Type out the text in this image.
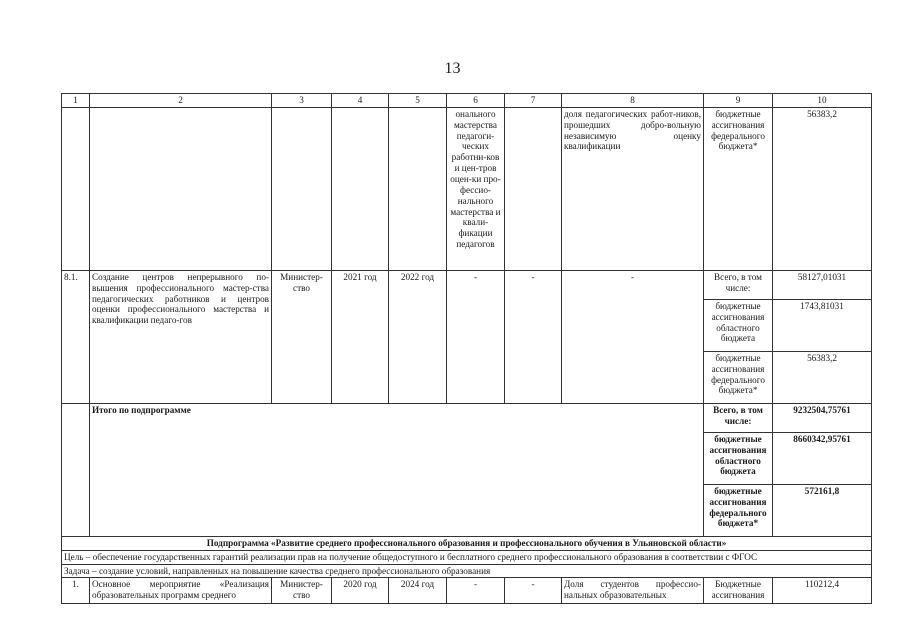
13
1	2	3	4	5	6	7	8	9	10
					онального мастерства педагоги-ческих работни-ков и цен-тров оцен-ки про-фессио-нального мастерства и квали-фикации педагогов		доля педагогических работ-ников, прошедших добро-вольную независимую оценку квалификации	бюджетные ассигнования федерального бюджета*	56383,2
8.1.	Создание центров непрерывного по-вышения профессионального мастер-ства педагогических работников и центров оценки профессионального мастерства и квалификации педаго-гов	Министер-ство	2021 год	2022 год	-	-	-	Всего, в том числе:	58127,01031
								бюджетные ассигнования областного бюджета	1743,81031
								бюджетные ассигнования федерального бюджета*	56383,2
	Итого по подпрограмме							Всего, в том числе:	9232504,75761
								бюджетные ассигнования областного бюджета	8660342,95761
								бюджетные ассигнования федерального бюджета*	572161,8
Подпрограмма «Развитие среднего профессионального образования и профессионального обучения в Ульяновской области»									
Цель – обеспечение государственных гарантий реализации прав на получение общедоступного и бесплатного среднего профессионального образования в соответствии с ФГОС									
Задача – создание условий, направленных на повышение качества среднего профессионального образования									
1.	Основное мероприятие «Реализация образовательных программ среднего	Министер-ство	2020 год	2024 год	-	-	Доля студентов профессио-нальных образовательных	Бюджетные ассигнования	110212,4
